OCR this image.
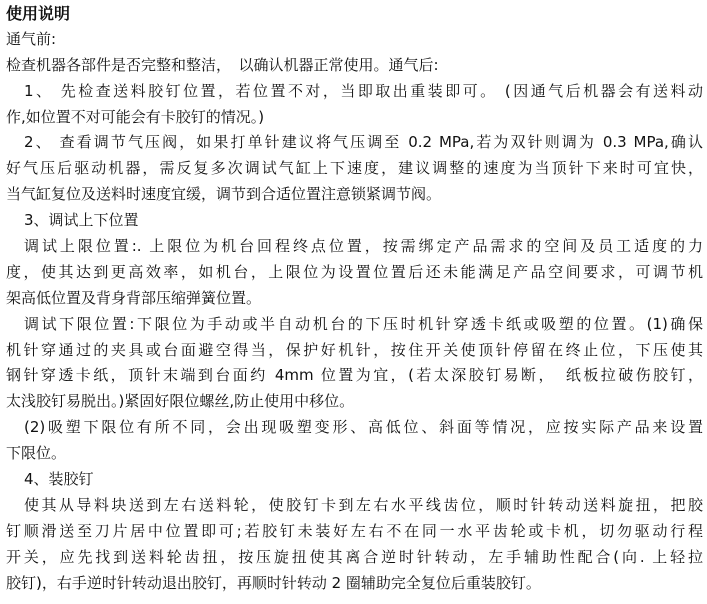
使用说明
通气前:
检查机器各部件是否完整和整洁，　以确认机器正常使用。通气后:
1、 先检查送料胶钉位置，若位置不对，当即取出重装即可。 (因通气后机器会有送料动
作,如位置不对可能会有卡胶钉的情况。)
2、 查看调节气压阀，如果打单针建议将气压调至 0.2 MPa,若为双针则调为 0.3 MPa,确认
好气压后驱动机器，需反复多次调试气缸上下速度，建议调整的速度为当顶针下来时可宜快，
当气缸复位及送料时速度宜缓，调节到合适位置注意锁紧调节阀。
3、调试上下位置
调试上限位置:. 上限位为机台回程终点位置，按需绑定产品需求的空间及员工适度的力
度，使其达到更高效率，如机台，上限位为设置位置后还未能满足产品空间要求，可调节机
架高低位置及背身背部压缩弹簧位置。
调试下限位置:下限位为手动或半自动机台的下压时机针穿透卡纸或吸塑的位置。(1)确保
机针穿通过的夹具或台面避空得当，保护好机针，按住开关使顶针停留在终止位，下压使其
钢针穿透卡纸，顶针末端到台面约 4mm 位置为宜，(若太深胶钉易断，　纸板拉破伤胶钉，
太浅胶钉易脱出。)紧固好限位螺丝,防止使用中移位。
(2)吸塑下限位有所不同，会出现吸塑变形、高低位、斜面等情况，应按实际产品来设置
下限位。
4、装胶钉
使其从导料块送到左右送料轮，使胶钉卡到左右水平线齿位，顺时针转动送料旋扭，把胶
钉顺滑送至刀片居中位置即可;若胶钉未装好左右不在同一水平齿轮或卡机，切勿驱动行程
开关，应先找到送料轮齿扭，按压旋扭使其离合逆时针转动，左手辅助性配合(向. 上轻拉
胶钉)，右手逆时针转动退出胶钉，再顺时针转动 2 圈辅助完全复位后重装胶钉。
